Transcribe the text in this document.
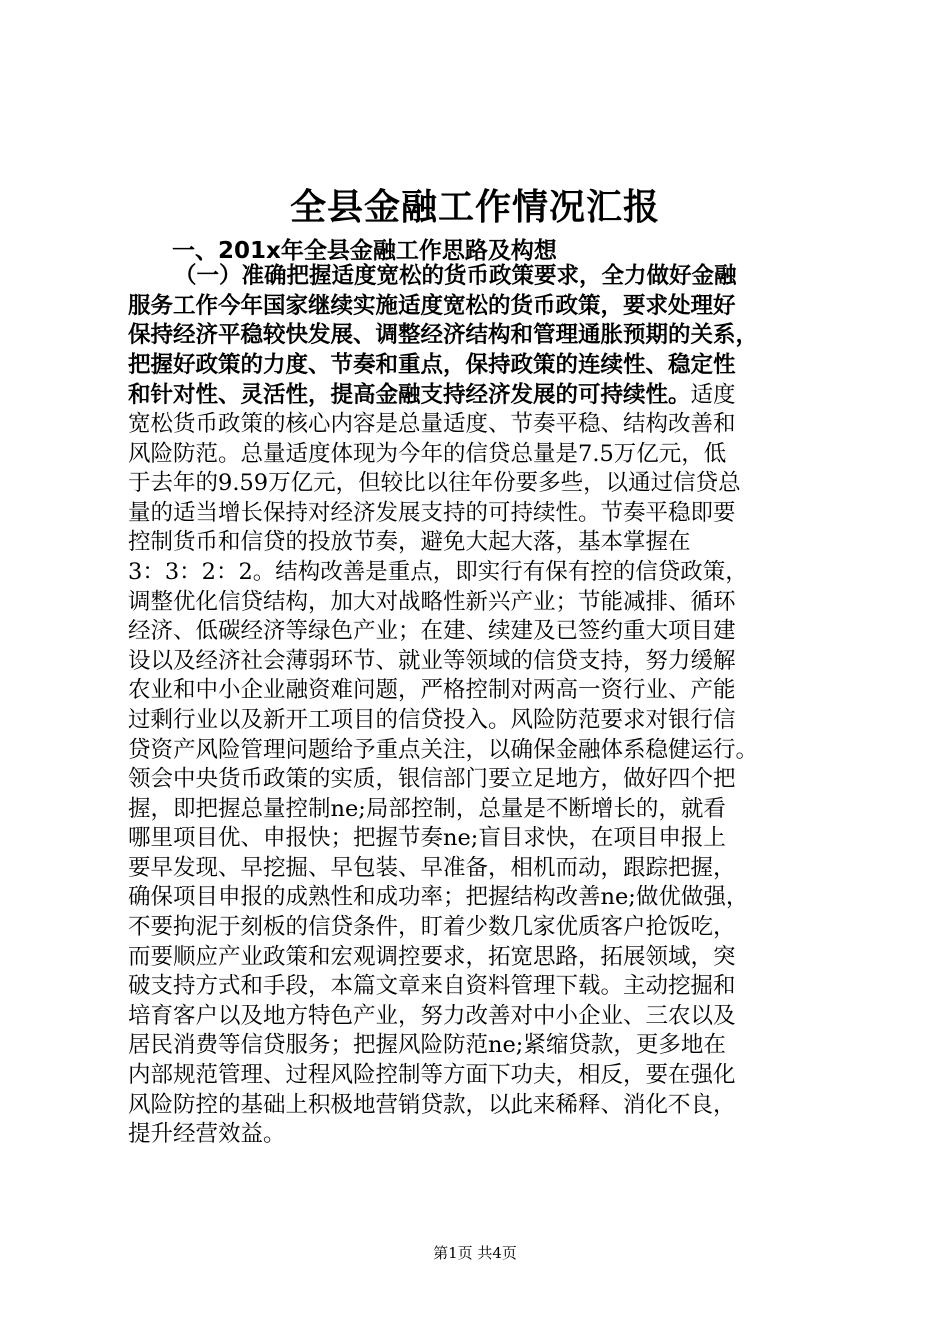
全县金融工作情况汇报
一、201x年全县金融工作思路及构想
（一）准确把握适度宽松的货币政策要求，全力做好金融
服务工作今年国家继续实施适度宽松的货币政策，要求处理好
保持经济平稳较快发展、调整经济结构和管理通胀预期的关系，
把握好政策的力度、节奏和重点，保持政策的连续性、稳定性
和针对性、灵活性，提高金融支持经济发展的可持续性。适度
宽松货币政策的核心内容是总量适度、节奏平稳、结构改善和
风险防范。总量适度体现为今年的信贷总量是7.5万亿元，低
于去年的9.59万亿元，但较比以往年份要多些，以通过信贷总
量的适当增长保持对经济发展支持的可持续性。节奏平稳即要
控制货币和信贷的投放节奏，避免大起大落，基本掌握在
3：3：2：2。结构改善是重点，即实行有保有控的信贷政策，
调整优化信贷结构，加大对战略性新兴产业；节能减排、循环
经济、低碳经济等绿色产业；在建、续建及已签约重大项目建
设以及经济社会薄弱环节、就业等领域的信贷支持，努力缓解
农业和中小企业融资难问题，严格控制对两高一资行业、产能
过剩行业以及新开工项目的信贷投入。风险防范要求对银行信
贷资产风险管理问题给予重点关注，以确保金融体系稳健运行。
领会中央货币政策的实质，银信部门要立足地方，做好四个把
握，即把握总量控制ne;局部控制，总量是不断增长的，就看
哪里项目优、申报快；把握节奏ne;盲目求快，在项目申报上
要早发现、早挖掘、早包装、早准备，相机而动，跟踪把握，
确保项目申报的成熟性和成功率；把握结构改善ne;做优做强，
不要拘泥于刻板的信贷条件，盯着少数几家优质客户抢饭吃，
而要顺应产业政策和宏观调控要求，拓宽思路，拓展领域，突
破支持方式和手段，本篇文章来自资料管理下载。主动挖掘和
培育客户以及地方特色产业，努力改善对中小企业、三农以及
居民消费等信贷服务；把握风险防范ne;紧缩贷款，更多地在
内部规范管理、过程风险控制等方面下功夫，相反，要在强化
风险防控的基础上积极地营销贷款，以此来稀释、消化不良，
提升经营效益。
第1页 共4页
